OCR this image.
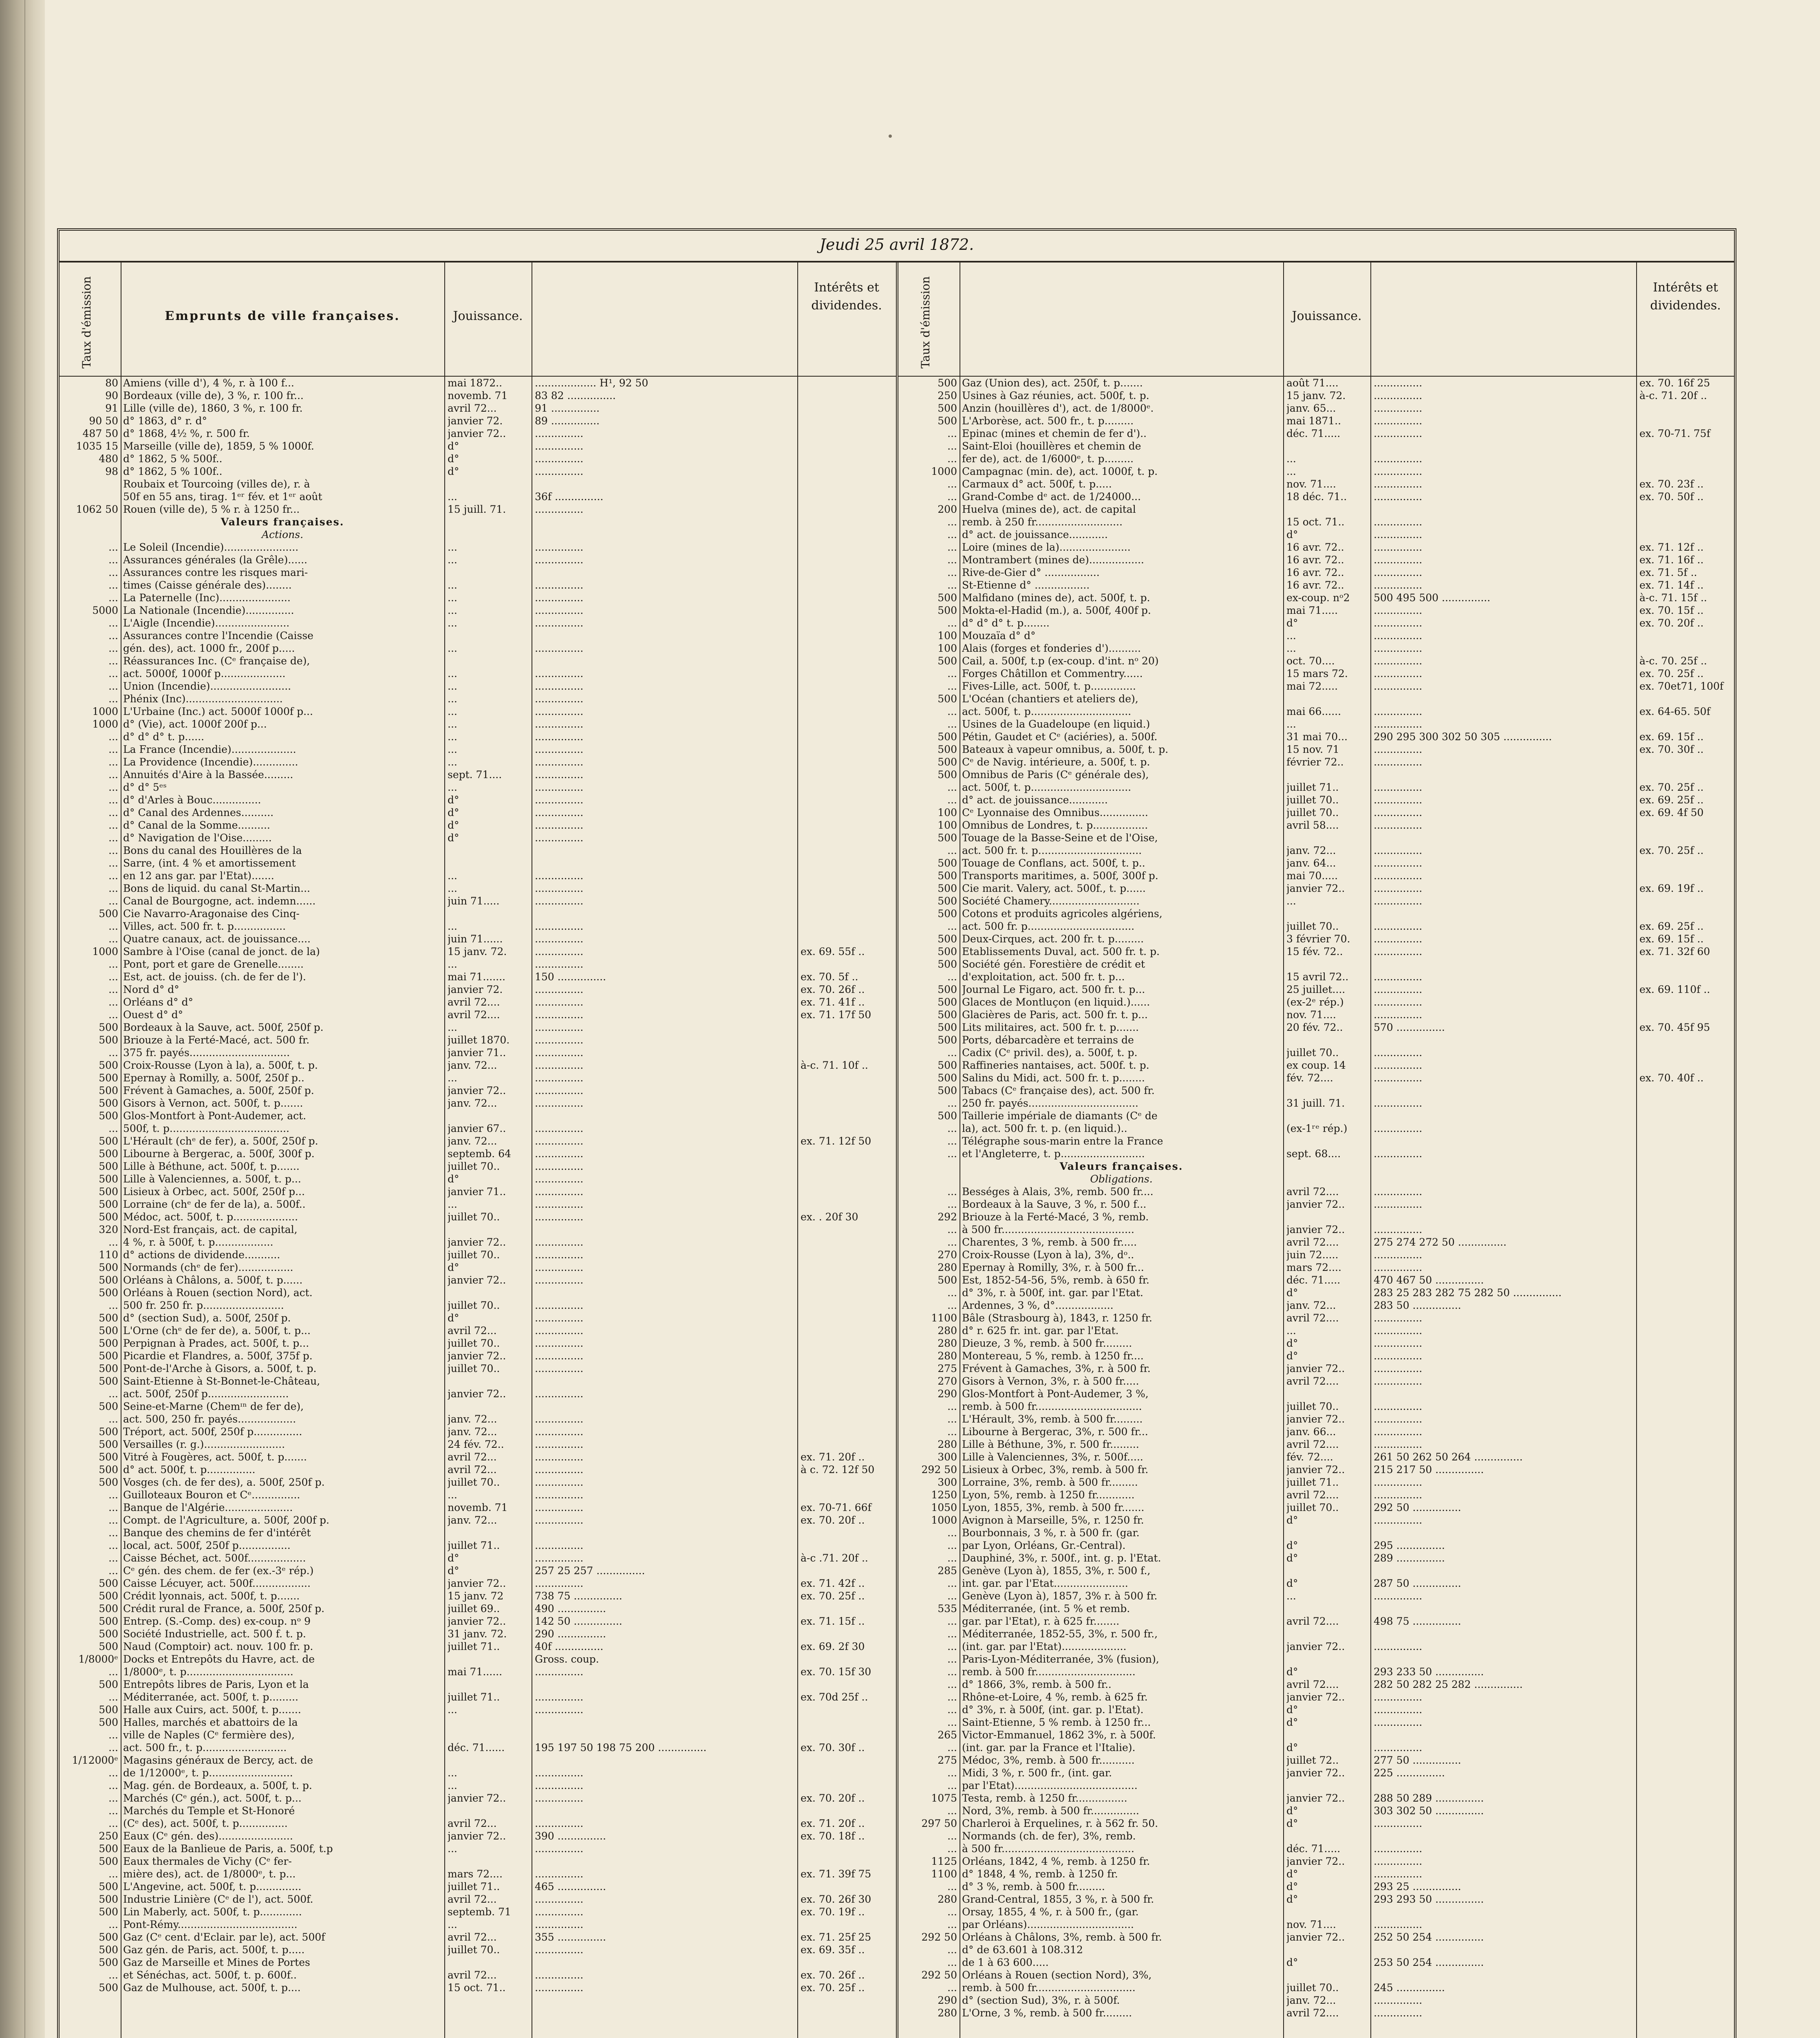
Jeudi 25 avril 1872.
Taux d'émission	Emprunts de ville françaises.	Jouissance.
Intérêts et dividendes.
80 Amiens (ville d'), 4 %, r. à 100 f...	mai 1872..	................... H¹, 92 50
90 Bordeaux (ville de), 3 %, r. 100 fr...	novemb. 71	83 82 ...............
91 Lille (ville de), 1860, 3 %, r. 100 fr.	avril 72...	91 ...............
90 50 d° 1863, d° r. d°	janvier 72.	89 ...............
487 50 d° 1868, 4½ %, r. 500 fr.	janvier 72..	...............
1035 15 Marseille (ville de), 1859, 5 % 1000f.	d°	...............
480 d° 1862, 5 % 500f..	d°	...............
98 d° 1862, 5 % 100f..	d°	...............
Roubaix et Tourcoing (villes de), r. à
50f en 55 ans, tirag. 1ᵉʳ fév. et 1ᵉʳ août	...	36f ...............
1062 50 Rouen (ville de), 5 % r. à 1250 fr...	15 juill. 71.	...............
Valeurs françaises.
Actions.
... Le Soleil (Incendie).......................	...	...............
... Assurances générales (la Grêle)......	...	...............
... Assurances contre les risques mari-
... times (Caisse générale des)........	...	...............
... La Paternelle (Inc)......................	...	...............
5000 La Nationale (Incendie)...............	...	...............
... L'Aigle (Incendie).......................	...	...............
... Assurances contre l'Incendie (Caisse
... gén. des), act. 1000 fr., 200f p.....	...	...............
... Réassurances Inc. (Cᵉ française de),
... act. 5000f, 1000f p....................	...	...............
... Union (Incendie).........................	...	...............
... Phénix (Inc)..............................	...	...............
1000 L'Urbaine (Inc.) act. 5000f 1000f p...	...	...............
1000 d° (Vie), act. 1000f 200f p...	...	...............
... d° d° d° t. p......	...	...............
... La France (Incendie)....................	...	...............
... La Providence (Incendie)..............	...	...............
... Annuités d'Aire à la Bassée.........	sept. 71....	...............
... d° d° 5ᵉˢ	...	...............
... d° d'Arles à Bouc...............	d°	...............
... d° Canal des Ardennes..........	d°	...............
... d° Canal de la Somme..........	d°	...............
... d° Navigation de l'Oise.........	d°	...............
... Bons du canal des Houillères de la
... Sarre, (int. 4 % et amortissement
... en 12 ans gar. par l'Etat).......	...	...............
... Bons de liquid. du canal St-Martin...	...	...............
... Canal de Bourgogne, act. indemn......	juin 71.....	...............
500 Cie Navarro-Aragonaise des Cinq-
... Villes, act. 500 fr. t. p................	...	...............
... Quatre canaux, act. de jouissance....	juin 71......	...............
1000 Sambre à l'Oise (canal de jonct. de la)	15 janv. 72.	...............	ex. 69. 55f ..
... Pont, port et gare de Grenelle........	...	...............
... Est, act. de jouiss. (ch. de fer de l').	mai 71.......	150 ...............	ex. 70. 5f ..
... Nord d° d°	janvier 72.	...............	ex. 70. 26f ..
... Orléans d° d°	avril 72....	...............	ex. 71. 41f ..
... Ouest d° d°	avril 72....	...............	ex. 71. 17f 50
500 Bordeaux à la Sauve, act. 500f, 250f p.	...	...............
500 Briouze à la Ferté-Macé, act. 500 fr.	juillet 1870.	...............
... 375 fr. payés...............................	janvier 71..	...............
500 Croix-Rousse (Lyon à la), a. 500f, t. p.	janv. 72...	...............	à-c. 71. 10f ..
500 Epernay à Romilly, a. 500f, 250f p..	...	...............
500 Frévent à Gamaches, a. 500f, 250f p.	janvier 72..	...............
500 Gisors à Vernon, act. 500f, t. p.......	janv. 72...	...............
500 Glos-Montfort à Pont-Audemer, act.
... 500f, t. p.....................................	janvier 67..	...............
500 L'Hérault (chᵉ de fer), a. 500f, 250f p.	janv. 72...	...............	ex. 71. 12f 50
500 Libourne à Bergerac, a. 500f, 300f p.	septemb. 64	...............
500 Lille à Béthune, act. 500f, t. p.......	juillet 70..	...............
500 Lille à Valenciennes, a. 500f, t. p...	d°	...............
500 Lisieux à Orbec, act. 500f, 250f p...	janvier 71..	...............
500 Lorraine (chᵉ de fer de la), a. 500f..	...	...............
500 Médoc, act. 500f, t. p....................	juillet 70..	...............	ex. . 20f 30
320 Nord-Est français, act. de capital,
... 4 %, r. à 500f, t. p..................	janvier 72..	...............
110 d° actions de dividende...........	juillet 70..	...............
500 Normands (chᵉ de fer).................	d°	...............
500 Orléans à Châlons, a. 500f, t. p......	janvier 72..	...............
500 Orléans à Rouen (section Nord), act.
... 500 fr. 250 fr. p.........................	juillet 70..	...............
500 d° (section Sud), a. 500f, 250f p.	d°	...............
500 L'Orne (chᵉ de fer de), a. 500f, t. p...	avril 72...	...............
500 Perpignan à Prades, act. 500f, t. p...	juillet 70..	...............
500 Picardie et Flandres, a. 500f, 375f p.	janvier 72..	...............
500 Pont-de-l'Arche à Gisors, a. 500f, t. p.	juillet 70..	...............
500 Saint-Etienne à St-Bonnet-le-Château,
... act. 500f, 250f p.........................	janvier 72..	...............
500 Seine-et-Marne (Chemᶦⁿ de fer de),
... act. 500, 250 fr. payés..................	janv. 72...	...............
500 Tréport, act. 500f, 250f p...............	janv. 72...	...............
500 Versailles (r. g.).........................	24 fév. 72..	...............
500 Vitré à Fougères, act. 500f, t. p.......	avril 72...	...............	ex. 71. 20f ..
500 d° act. 500f, t. p...............	avril 72...	...............	à c. 72. 12f 50
500 Vosges (ch. de fer des), a. 500f, 250f p.	juillet 70..	...............
... Guilloteaux Bouron et Cᵉ...............	...	...............
... Banque de l'Algérie.....................	novemb. 71	...............	ex. 70-71. 66f
... Compt. de l'Agriculture, a. 500f, 200f p.	janv. 72...	...............	ex. 70. 20f ..
... Banque des chemins de fer d'intérêt
... local, act. 500f, 250f p................	juillet 71..	...............
... Caisse Béchet, act. 500f..................	d°	...............	à-c .71. 20f ..
... Cᵉ gén. des chem. de fer (ex.-3ᵉ rép.)	d°	257 25 257 ...............
500 Caisse Lécuyer, act. 500f..................	janvier 72..	...............	ex. 71. 42f ..
500 Crédit lyonnais, act. 500f, t. p.......	15 janv. 72	738 75 ...............	ex. 70. 25f ..
500 Crédit rural de France, a. 500f, 250f p.	juillet 69..	490 ...............
500 Entrep. (S.-Comp. des) ex-coup. nᵒ 9	janvier 72..	142 50 ...............	ex. 71. 15f ..
500 Société Industrielle, act. 500 f. t. p.	31 janv. 72.	290 ...............
500 Naud (Comptoir) act. nouv. 100 fr. p.	juillet 71..	40f ...............	ex. 69. 2f 30
1/8000ᵉ Docks et Entrepôts du Havre, act. de	Gross. coup.
... 1/8000ᵉ, t. p.................................	mai 71......	...............	ex. 70. 15f 30
500 Entrepôts libres de Paris, Lyon et la
... Méditerranée, act. 500f, t. p.........	juillet 71..	...............	ex. 70d 25f ..
500 Halle aux Cuirs, act. 500f, t. p.......	...	...............
500 Halles, marchés et abattoirs de la
... ville de Naples (Cᵉ fermière des),
... act. 500 fr., t. p..........................	déc. 71......	195 197 50 198 75 200 ...............	ex. 70. 30f ..
1/12000ᵉ Magasins généraux de Bercy, act. de
... de 1/12000ᵉ, t. p..........................	...	...............
... Mag. gén. de Bordeaux, a. 500f, t. p.	...	...............
... Marchés (Cᵉ gén.), act. 500f, t. p...	janvier 72..	...............	ex. 70. 20f ..
... Marchés du Temple et St-Honoré
... (Cᵉ des), act. 500f, t. p...............	avril 72...	...............	ex. 71. 20f ..
250 Eaux (Cᵉ gén. des).......................	janvier 72..	390 ...............	ex. 70. 18f ..
500 Eaux de la Banlieue de Paris, a. 500f, t.p	...	...............
500 Eaux thermales de Vichy (Cᵉ fer-
... mière des), act. de 1/8000ᵉ, t. p...	mars 72....	...............	ex. 71. 39f 75
500 L'Angevine, act. 500f, t. p..............	juillet 71..	465 ...............
500 Industrie Linière (Cᵉ de l'), act. 500f.	avril 72...	...............	ex. 70. 26f 30
500 Lin Maberly, act. 500f, t. p.............	septemb. 71	...............	ex. 70. 19f ..
... Pont-Rémy.....................................	...	...............
500 Gaz (Cᵉ cent. d'Eclair. par le), act. 500f	avril 72...	355 ...............	ex. 71. 25f 25
500 Gaz gén. de Paris, act. 500f, t. p.....	juillet 70..	...............	ex. 69. 35f ..
500 Gaz de Marseille et Mines de Portes
... et Sénéchas, act. 500f, t. p. 600f..	avril 72...	...............	ex. 70. 26f ..
500 Gaz de Mulhouse, act. 500f, t. p....	15 oct. 71..	...............	ex. 70. 25f ..
Taux d'émission	Jouissance.
Intérêts et dividendes.
500 Gaz (Union des), act. 250f, t. p.......	août 71....	...............	ex. 70. 16f 25
250 Usines à Gaz réunies, act. 500f, t. p.	15 janv. 72.	...............	à-c. 71. 20f ..
500 Anzin (houillères d'), act. de 1/8000ᵉ.	janv. 65...	...............
500 L'Arborèse, act. 500 fr., t. p.........	mai 1871..	...............
... Epinac (mines et chemin de fer d')..	déc. 71.....	...............	ex. 70-71. 75f
... Saint-Eloi (houillères et chemin de
... fer de), act. de 1/6000ᵉ, t. p.........	...	...............
1000 Campagnac (min. de), act. 1000f, t. p.	...	...............
... Carmaux d° act. 500f, t. p.....	nov. 71....	...............	ex. 70. 23f ..
... Grand-Combe dᵉ act. de 1/24000...	18 déc. 71..	...............	ex. 70. 50f ..
200 Huelva (mines de), act. de capital
... remb. à 250 fr...........................	15 oct. 71..	...............
... d° act. de jouissance............	d°	...............
... Loire (mines de la)......................	16 avr. 72..	...............	ex. 71. 12f ..
... Montrambert (mines de).................	16 avr. 72..	...............	ex. 71. 16f ..
... Rive-de-Gier d° .................	16 avr. 72..	...............	ex. 71. 5f ..
... St-Etienne d° .................	16 avr. 72..	...............	ex. 71. 14f ..
500 Malfidano (mines de), act. 500f, t. p.	ex-coup. nᵒ2	500 495 500 ...............	à-c. 71. 15f ..
500 Mokta-el-Hadid (m.), a. 500f, 400f p.	mai 71.....	...............	ex. 70. 15f ..
... d° d° d° t. p........	d°	...............	ex. 70. 20f ..
100 Mouzaïa d° d°	...	...............
100 Alais (forges et fonderies d')..........	...	...............
500 Cail, a. 500f, t.p (ex-coup. d'int. nᵒ 20)	oct. 70....	...............	à-c. 70. 25f ..
... Forges Châtillon et Commentry......	15 mars 72.	...............	ex. 70. 25f ..
... Fives-Lille, act. 500f, t. p..............	mai 72.....	...............	ex. 70et71, 100f
500 L'Océan (chantiers et ateliers de),
... act. 500f, t. p...............................	mai 66......	...............	ex. 64-65. 50f
... Usines de la Guadeloupe (en liquid.)	...	...............
500 Pétin, Gaudet et Cᵉ (aciéries), a. 500f.	31 mai 70...	290 295 300 302 50 305 ...............	ex. 69. 15f ..
500 Bateaux à vapeur omnibus, a. 500f, t. p.	15 nov. 71	...............	ex. 70. 30f ..
500 Cᵉ de Navig. intérieure, a. 500f, t. p.	février 72..	...............
500 Omnibus de Paris (Cᵉ générale des),
... act. 500f, t. p...............................	juillet 71..	...............	ex. 70. 25f ..
... d° act. de jouissance............	juillet 70..	...............	ex. 69. 25f ..
100 Cᵉ Lyonnaise des Omnibus...............	juillet 70..	...............	ex. 69. 4f 50
100 Omnibus de Londres, t. p.................	avril 58....	...............
500 Touage de la Basse-Seine et de l'Oise,
... act. 500 fr. t. p................................	janv. 72...	...............	ex. 70. 25f ..
500 Touage de Conflans, act. 500f, t. p..	janv. 64...	...............
500 Transports maritimes, a. 500f, 300f p.	mai 70.....	...............
500 Cie marit. Valery, act. 500f., t. p......	janvier 72..	...............	ex. 69. 19f ..
500 Société Chamery............................	...	...............
500 Cotons et produits agricoles algériens,
... act. 500 fr. p.................................	juillet 70..	...............	ex. 69. 25f ..
500 Deux-Cirques, act. 200 fr. t. p.........	3 février 70.	...............	ex. 69. 15f ..
500 Etablissements Duval, act. 500 fr. t. p.	15 fév. 72..	...............	ex. 71. 32f 60
500 Société gén. Forestière de crédit et
... d'exploitation, act. 500 fr. t. p...	15 avril 72..	...............
500 Journal Le Figaro, act. 500 fr. t. p...	25 juillet....	...............	ex. 69. 110f ..
500 Glaces de Montluçon (en liquid.)......	(ex-2ᵉ rép.)	...............
500 Glacières de Paris, act. 500 fr. t. p...	nov. 71....	...............
500 Lits militaires, act. 500 fr. t. p.......	20 fév. 72..	570 ...............	ex. 70. 45f 95
500 Ports, débarcadère et terrains de
... Cadix (Cᵉ privil. des), a. 500f, t. p.	juillet 70..	...............
500 Raffineries nantaises, act. 500f. t. p.	ex coup. 14	...............
500 Salins du Midi, act. 500 fr. t. p........	fév. 72....	...............	ex. 70. 40f ..
500 Tabacs (Cᵉ française des), act. 500 fr.
... 250 fr. payés..................................	31 juill. 71.	...............
500 Taillerie impériale de diamants (Cᵉ de
... la), act. 500 fr. t. p. (en liquid.)..	(ex-1ʳᵉ rép.)	...............
... Télégraphe sous-marin entre la France
... et l'Angleterre, t. p..........................	sept. 68....	...............
Valeurs françaises.
Obligations.
... Bességes à Alais, 3%, remb. 500 fr....	avril 72....	...............
... Bordeaux à la Sauve, 3 %, r. 500 f...	janvier 72..	...............
292 Briouze à la Ferté-Macé, 3 %, remb.
... à 500 fr.........................................	janvier 72..	...............
... Charentes, 3 %, remb. à 500 fr.....	avril 72....	275 274 272 50 ...............
270 Croix-Rousse (Lyon à la), 3%, dᵒ..	juin 72.....	...............
280 Epernay à Romilly, 3%, r. à 500 fr...	mars 72....	...............
500 Est, 1852-54-56, 5%, remb. à 650 fr.	déc. 71.....	470 467 50 ...............
... d° 3%, r. à 500f, int. gar. par l'Etat.	d°	283 25 283 282 75 282 50 ...............
... Ardennes, 3 %, d°..................	janv. 72...	283 50 ...............
1100 Bâle (Strasbourg à), 1843, r. 1250 fr.	avril 72....	...............
280 d° r. 625 fr. int. gar. par l'Etat.	...	...............
280 Dieuze, 3 %, remb. à 500 fr.........	d°	...............
280 Montereau, 5 %, remb. à 1250 fr....	d°	...............
275 Frévent à Gamaches, 3%, r. à 500 fr.	janvier 72..	...............
270 Gisors à Vernon, 3%, r. à 500 fr.....	avril 72....	...............
290 Glos-Montfort à Pont-Audemer, 3 %,
... remb. à 500 fr.................................	juillet 70..	...............
... L'Hérault, 3%, remb. à 500 fr.........	janvier 72..	...............
... Libourne à Bergerac, 3%, r. 500 fr...	janv. 66...	...............
280 Lille à Béthune, 3%, r. 500 fr.........	avril 72....	...............
300 Lille à Valenciennes, 3%, r. 500f.....	fév. 72....	261 50 262 50 264 ...............
292 50 Lisieux à Orbec, 3%, remb. à 500 fr.	janvier 72..	215 217 50 ...............
300 Lorraine, 3%, remb. à 500 fr.........	juillet 71..	...............
1250 Lyon, 5%, remb. à 1250 fr............	avril 72....	...............
1050 Lyon, 1855, 3%, remb. à 500 fr.......	juillet 70..	292 50 ...............
1000 Avignon à Marseille, 5%, r. 1250 fr.	d°	...............
... Bourbonnais, 3 %, r. à 500 fr. (gar.
... par Lyon, Orléans, Gr.-Central).	d°	295 ...............
... Dauphiné, 3%, r. 500f., int. g. p. l'Etat.	d°	289 ...............
285 Genève (Lyon à), 1855, 3%, r. 500 f.,
... int. gar. par l'Etat.......................	d°	287 50 ...............
... Genève (Lyon à), 1857, 3% r. à 500 fr.	...	...............
535 Méditerranée, (int. 5 % et remb.
... gar. par l'Etat), r. à 625 fr........	avril 72....	498 75 ...............
... Méditerranée, 1852-55, 3%, r. 500 fr.,
... (int. gar. par l'Etat)....................	janvier 72..	...............
... Paris-Lyon-Méditerranée, 3% (fusion),
... remb. à 500 fr...............................	d°	293 233 50 ...............
... d° 1866, 3%, remb. à 500 fr..	avril 72....	282 50 282 25 282 ...............
... Rhône-et-Loire, 4 %, remb. à 625 fr.	janvier 72..	...............
... d° 3%, r. à 500f, (int. gar. p. l'Etat).	d°	...............
... Saint-Etienne, 5 % remb. à 1250 fr...	d°	...............
265 Victor-Emmanuel, 1862 3%, r. à 500f.
... (int. gar. par la France et l'Italie).	d°	...............
275 Médoc, 3%, remb. à 500 fr...........	juillet 72..	277 50 ...............
... Midi, 3 %, r. 500 fr., (int. gar.	janvier 72..	225 ...............
... par l'Etat)......................................
1075 Testa, remb. à 1250 fr................	janvier 72..	288 50 289 ...............
... Nord, 3%, remb. à 500 fr...............	d°	303 302 50 ...............
297 50 Charleroi à Erquelines, r. à 562 fr. 50.	d°	...............
... Normands (ch. de fer), 3%, remb.
... à 500 fr.........................................	déc. 71.....	...............
1125 Orléans, 1842, 4 %, remb. à 1250 fr.	janvier 72..	...............
1100 d° 1848, 4 %, remb. à 1250 fr.	d°	...............
... d° 3 %, remb. à 500 fr.........	d°	293 25 ...............
280 Grand-Central, 1855, 3 %, r. à 500 fr.	d°	293 293 50 ...............
... Orsay, 1855, 4 %, r. à 500 fr., (gar.
... par Orléans).................................	nov. 71....	...............
292 50 Orléans à Châlons, 3%, remb. à 500 fr.	janvier 72..	252 50 254 ...............
... d° de 63.601 à 108.312
... de 1 à 63 600.....	d°	253 50 254 ...............
292 50 Orléans à Rouen (section Nord), 3%,
... remb. à 500 fr...............................	juillet 70..	245 ...............
290 d° (section Sud), 3%, r. à 500f.	janv. 72...	...............
280 L'Orne, 3 %, remb. à 500 fr.........	avril 72....	...............
